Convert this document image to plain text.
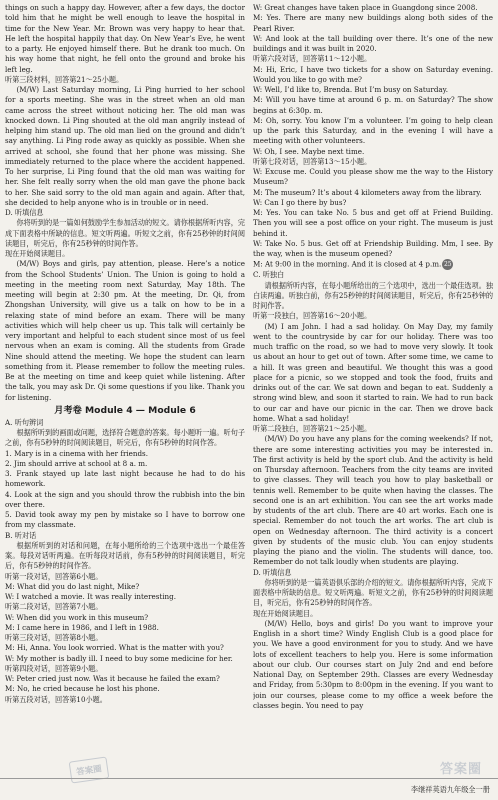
things on such a happy day. However, after a few days, the doctor told him that he might be well enough to leave the hospital in time for the New Year. Mr. Brown was very happy to hear that. He left the hospital happily that day. On New Year’s Eve, he went to a party. He enjoyed himself there. But he drank too much. On his way home that night, he fell onto the ground and broke his left leg.

听第三段材料，回答第21～25小题。

(M/W) Last Saturday morning, Li Ping hurried to her school for a sports meeting. She was in the street when an old man came across the street without noticing her. The old man was knocked down. Li Ping shouted at the old man angrily instead of helping him stand up. The old man lied on the ground and didn’t say anything. Li Ping rode away as quickly as possible. When she arrived at school, she found that her phone was missing. She immediately returned to the place where the accident happened. To her surprise, Li Ping found that the old man was waiting for her. She felt really sorry when the old man gave the phone back to her. She said sorry to the old man again and again. After that, she decided to help anyone who is in trouble or in need.

D. 听填信息

你将听到的是一篇如何鼓励学生参加活动的短文。请你根据所听内容，完成下面表格中所缺的信息。短文听两遍。听短文之前，你有25秒钟的时间阅读题目，听完后，你有25秒钟的时间作答。

现在开始阅读题目。

(M/W) Boys and girls, pay attention, please. Here’s a notice from the School Students’ Union. The Union is going to hold a meeting in the meeting room next Saturday, May 18th. The meeting will begin at 2:30 pm. At the meeting, Dr. Qi, from Zhongshan University, will give us a talk on how to be in a relaxing state of mind before an exam. There will be many activities which will help cheer us up. This talk will certainly be very important and helpful to each student since most of us feel nervous when an exam is coming. All the students from Grade Nine should attend the meeting. We hope the student can learn something from it. Please remember to follow the meeting rules. Be at the meeting on time and keep quiet while listening. After the talk, you may ask Dr. Qi some questions if you like. Thank you for listening.

月考卷 Module 4 — Module 6

A. 听句辨词

根据所听到的画面或问题，选择符合题意的答案。每小题听一遍。听句子之前，你有5秒钟的时间阅读题目，听完后，你有5秒钟的时间作答。

1. Mary is in a cinema with her friends.

2. Jim should arrive at school at 8 a. m.

3. Frank stayed up late last night because he had to do his homework.

4. Look at the sign and you should throw the rubbish into the bin over there.

5. David took away my pen by mistake so I have to borrow one from my classmate.

B. 听对话

根据所听到的对话和问题，在每小题所给的三个选项中选出一个最佳答案。每段对话听两遍。在听每段对话前，你有5秒钟的时间阅读题目，听完后，你有5秒钟的时间作答。

听第一段对话，回答第6小题。

M: What did you do last night, Mike?

W: I watched a movie. It was really interesting.

听第二段对话，回答第7小题。

W: When did you work in this museum?

M: I came here in 1986, and I left in 1988.

听第三段对话，回答第8小题。

M: Hi, Anna. You look worried. What is the matter with you?

W: My mother is badly ill. I need to buy some medicine for her.

听第四段对话，回答第9小题。

W: Peter cried just now. Was it because he failed the exam?

M: No, he cried because he lost his phone.

听第五段对话，回答第10小题。

W: Great changes have taken place in Guangdong since 2008.

M: Yes. There are many new buildings along both sides of the Pearl River.

W: And look at the tall building over there. It’s one of the new buildings and it was built in 2020.

听第六段对话，回答第11～12小题。

M: Hi, Eric, I have two tickets for a show on Saturday evening. Would you like to go with me?

W: Well, I’d like to, Brenda. But I’m busy on Saturday.

M: Will you have time at around 6 p. m. on Saturday? The show begins at 6:30p. m.

M: Oh, sorry. You know I’m a volunteer. I’m going to help clean up the park this Saturday, and in the evening I will have a meeting with other volunteers.

W: Oh, I see. Maybe next time.

听第七段对话，回答第13～15小题。

W: Excuse me. Could you please show me the way to the History Museum?

M: The museum? It’s about 4 kilometers away from the library.

W: Can I go there by bus?

M: Yes. You can take No. 5 bus and get off at Friend Building. Then you will see a post office on your right. The museum is just behind it.

W: Take No. 5 bus. Get off at Friendship Building. Mm, I see. By the way, when is the museum opened?

M: At 9:00 in the morning. And it is closed at 4 p.m. 25

C. 听独白

请根据所听内容，在每小题所给出的三个选项中，选出一个最佳选项。独白读两遍。听独白前，你有25秒钟的时间阅读题目，听完后，你有25秒钟的时间作答。

听第一段独白，回答第16～20小题。

(M) I am John. I had a sad holiday. On May Day, my family went to the countryside by car for our holiday. There was too much traffic on the road, so we had to move very slowly. It took us about an hour to get out of town. After some time, we came to a hill. It was green and beautiful. We thought this was a good place for a picnic, so we stopped and took the food, fruits and drinks out of the car. We sat down and began to eat. Suddenly a strong wind blew, and soon it started to rain. We had to run back to our car and have our picnic in the car. Then we drove back home. What a sad holiday!

听第二段独白，回答第21～25小题。

(M/W) Do you have any plans for the coming weekends? If not, there are some interesting activities you may be interested in. The first activity is held by the sport club. And the activity is held on Thursday afternoon. Teachers from the city teams are invited to give classes. They will teach you how to play basketball or tennis well. Remember to be quite when having the classes. The second one is an art exhibition. You can see the art works made by students of the art club. There are 40 art works. Each one is special. Remember do not touch the art works. The art club is open on Wednesday afternoon. The third activity is a concert given by students of the music club. You can enjoy students playing the piano and the violin. The students will dance, too. Remember do not talk loudly when students are playing.

D. 听填信息

你将听到的是一篇英语俱乐部的介绍的短文。请你根据所听内容，完成下面表格中所缺的信息。短文听两遍。听短文之前，你有25秒钟的时间阅读题目，听完后，你有25秒钟的时间作答。

现在开始阅读题目。

(M/W) Hello, boys and girls! Do you want to improve your English in a short time? Windy English Club is a good place for you. We have a good environment for you to study. And we have lots of excellent teachers to help you. Here is some information about our club. Our courses start on July 2nd and end before National Day, on September 29th. Classes are every Wednesday and Friday, from 5:30pm to 8:00pm in the evening. If you want to join our courses, please come to my office a week before the classes begin. You need to pay

答案圈	答案圈
李继祥英语九年级全一册
